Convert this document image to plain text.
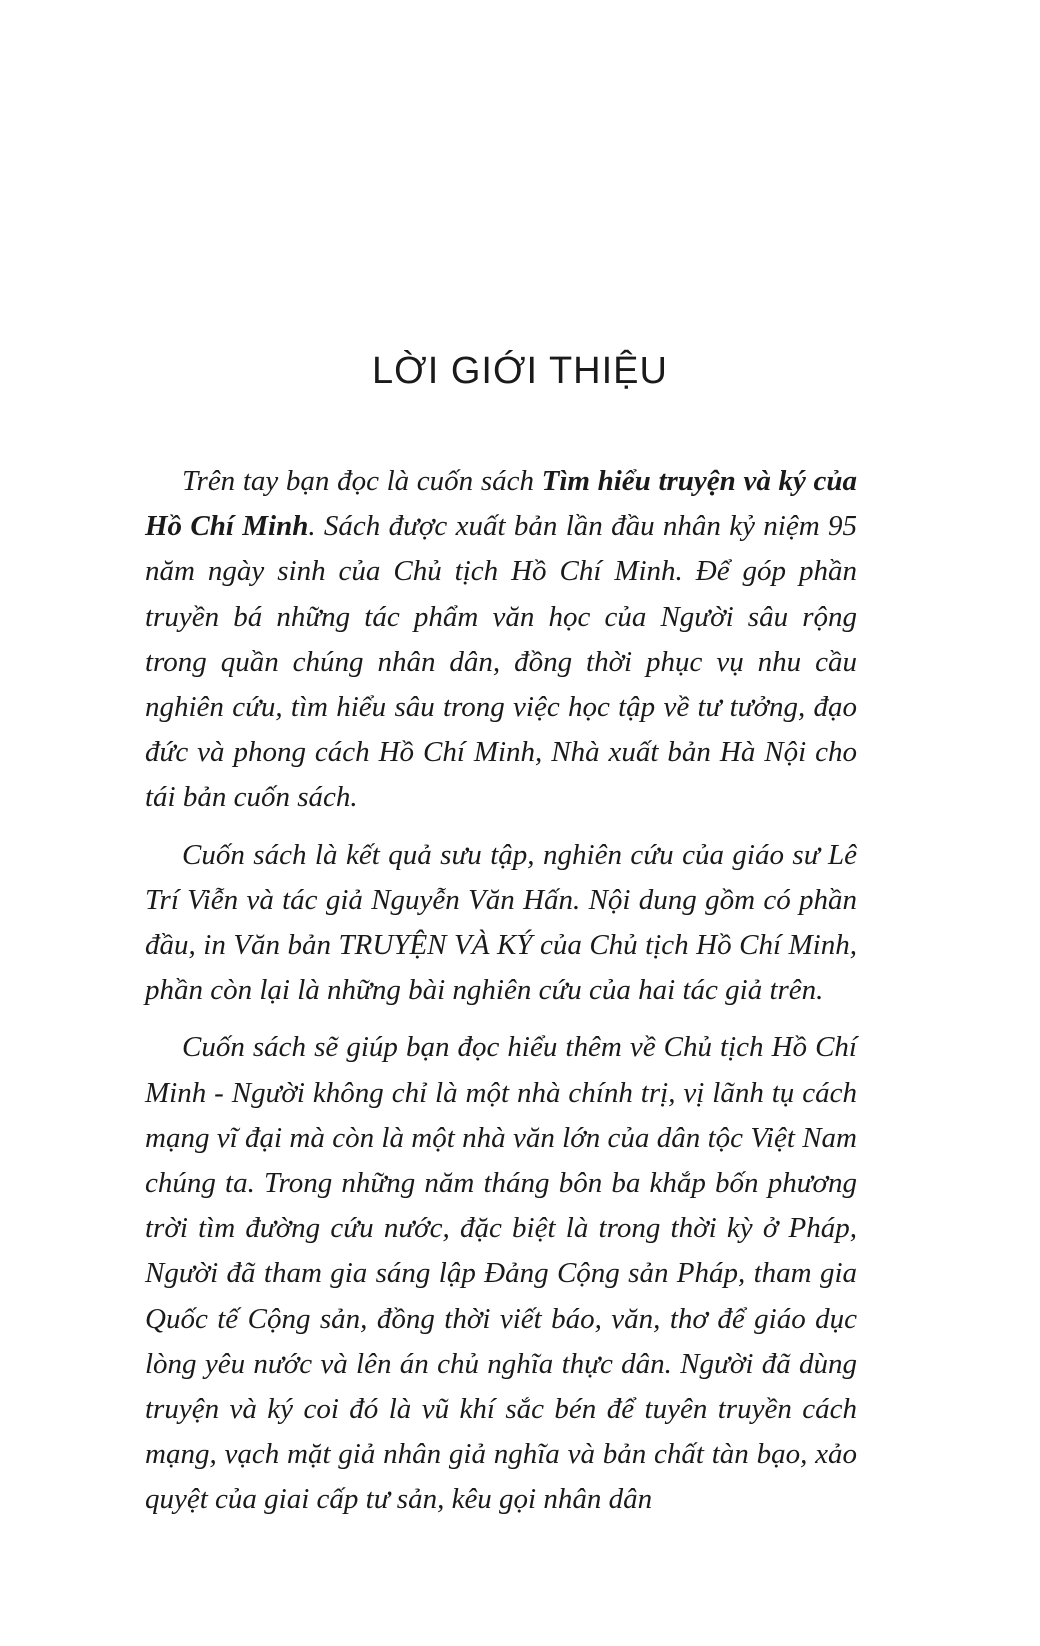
LỜI GIỚI THIỆU

Trên tay bạn đọc là cuốn sách Tìm hiểu truyện và ký của Hồ Chí Minh. Sách được xuất bản lần đầu nhân kỷ niệm 95 năm ngày sinh của Chủ tịch Hồ Chí Minh. Để góp phần truyền bá những tác phẩm văn học của Người sâu rộng trong quần chúng nhân dân, đồng thời phục vụ nhu cầu nghiên cứu, tìm hiểu sâu trong việc học tập về tư tưởng, đạo đức và phong cách Hồ Chí Minh, Nhà xuất bản Hà Nội cho tái bản cuốn sách.

Cuốn sách là kết quả sưu tập, nghiên cứu của giáo sư Lê Trí Viễn và tác giả Nguyễn Văn Hấn. Nội dung gồm có phần đầu, in Văn bản TRUYỆN VÀ KÝ của Chủ tịch Hồ Chí Minh, phần còn lại là những bài nghiên cứu của hai tác giả trên.

Cuốn sách sẽ giúp bạn đọc hiểu thêm về Chủ tịch Hồ Chí Minh - Người không chỉ là một nhà chính trị, vị lãnh tụ cách mạng vĩ đại mà còn là một nhà văn lớn của dân tộc Việt Nam chúng ta. Trong những năm tháng bôn ba khắp bốn phương trời tìm đường cứu nước, đặc biệt là trong thời kỳ ở Pháp, Người đã tham gia sáng lập Đảng Cộng sản Pháp, tham gia Quốc tế Cộng sản, đồng thời viết báo, văn, thơ để giáo dục lòng yêu nước và lên án chủ nghĩa thực dân. Người đã dùng truyện và ký coi đó là vũ khí sắc bén để tuyên truyền cách mạng, vạch mặt giả nhân giả nghĩa và bản chất tàn bạo, xảo quyệt của giai cấp tư sản, kêu gọi nhân dân
